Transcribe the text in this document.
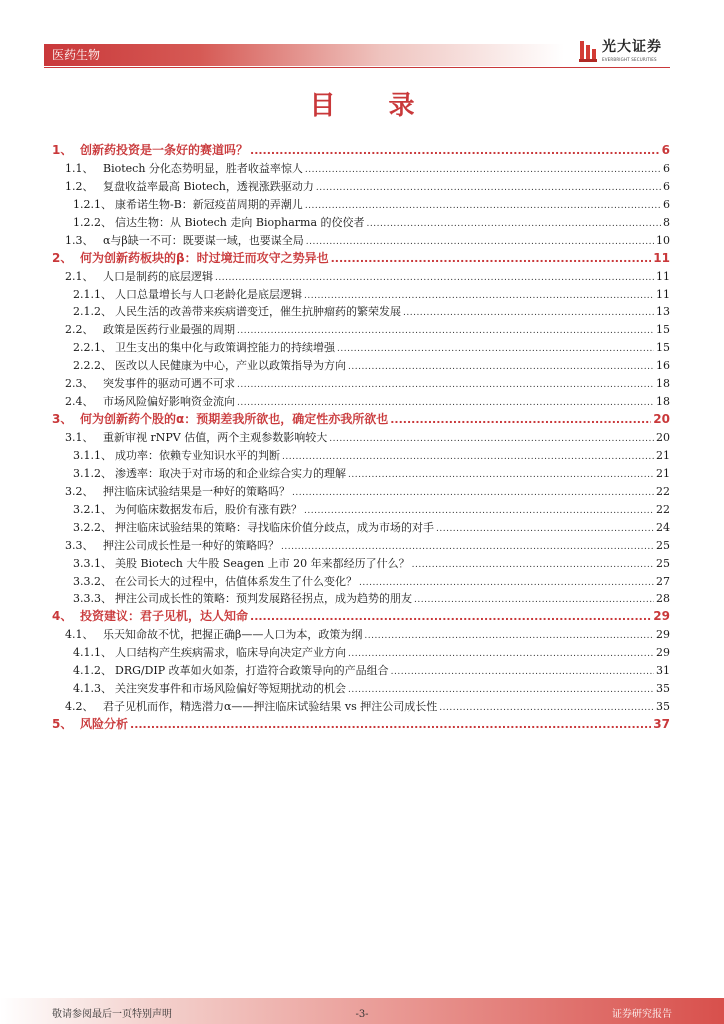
医药生物	光大证券
EVERBRIGHT SECURITIES
目 录
1、 创新药投资是一条好的赛道吗？ .....	6
1.1、 Biotech 分化态势明显，胜者收益率惊人 .....	6
1.2、 复盘收益率最高 Biotech，透视涨跌驱动力 .....	6
1.2.1、 康希诺生物-B：新冠疫苗周期的弄潮儿 .....	6
1.2.2、 信达生物：从 Biotech 走向 Biopharma 的佼佼者 .....	8
1.3、 α与β缺一不可：既要谋一域，也要谋全局 .....	10
2、 何为创新药板块的β：时过境迁而攻守之势异也 .....	11
2.1、 人口是制药的底层逻辑 .....	11
2.1.1、 人口总量增长与人口老龄化是底层逻辑 .....	11
2.1.2、 人民生活的改善带来疾病谱变迁，催生抗肿瘤药的繁荣发展 .....	13
2.2、 政策是医药行业最强的周期 .....	15
2.2.1、 卫生支出的集中化与政策调控能力的持续增强 .....	15
2.2.2、 医改以人民健康为中心，产业以政策指导为方向 .....	16
2.3、 突发事件的驱动可遇不可求 .....	18
2.4、 市场风险偏好影响资金流向 .....	18
3、 何为创新药个股的α：预期差我所欲也，确定性亦我所欲也 .....	20
3.1、 重新审视 rNPV 估值，两个主观参数影响较大 .....	20
3.1.1、 成功率：依赖专业知识水平的判断 .....	21
3.1.2、 渗透率：取决于对市场的和企业综合实力的理解 .....	21
3.2、 押注临床试验结果是一种好的策略吗？ .....	22
3.2.1、 为何临床数据发布后，股价有涨有跌？ .....	22
3.2.2、 押注临床试验结果的策略：寻找临床价值分歧点，成为市场的对手 .....	24
3.3、 押注公司成长性是一种好的策略吗？ .....	25
3.3.1、 美股 Biotech 大牛股 Seagen 上市 20 年来都经历了什么？ .....	25
3.3.2、 在公司长大的过程中，估值体系发生了什么变化？ .....	27
3.3.3、 押注公司成长性的策略：预判发展路径拐点，成为趋势的朋友 .....	28
4、 投资建议：君子见机，达人知命 .....	29
4.1、 乐天知命故不忧，把握正确β——人口为本，政策为纲 .....	29
4.1.1、 人口结构产生疾病需求，临床导向决定产业方向 .....	29
4.1.2、 DRG/DIP 改革如火如荼，打造符合政策导向的产品组合 .....	31
4.1.3、 关注突发事件和市场风险偏好等短期扰动的机会 .....	35
4.2、 君子见机而作，精选潜力α——押注临床试验结果 vs 押注公司成长性 .....	35
5、 风险分析 .....	37
敬请参阅最后一页特别声明	-3-	证券研究报告
